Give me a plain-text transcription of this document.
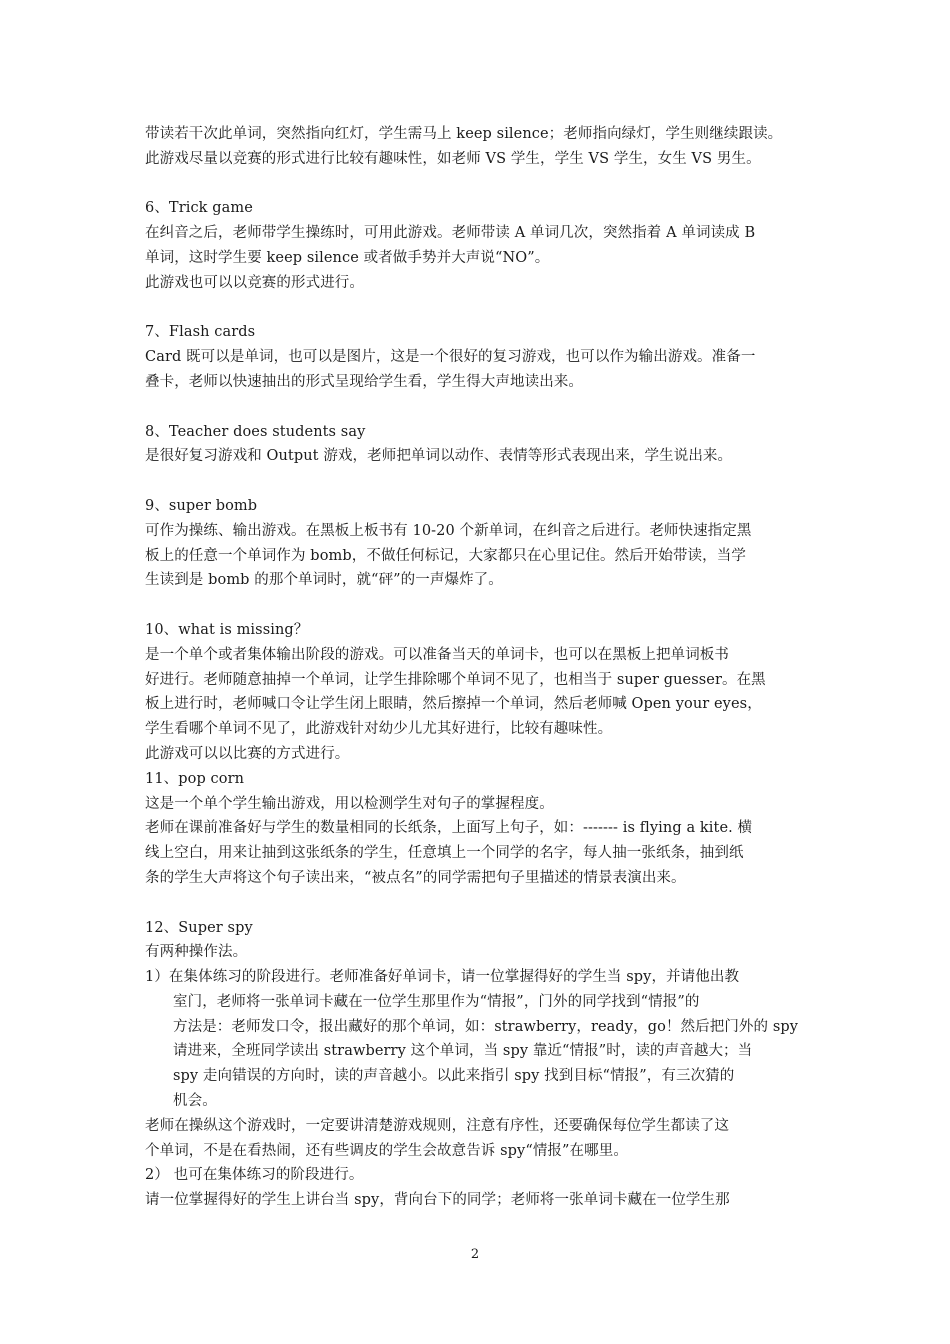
带读若干次此单词，突然指向红灯，学生需马上 keep silence；老师指向绿灯，学生则继续跟读。
此游戏尽量以竞赛的形式进行比较有趣味性，如老师 VS 学生，学生 VS 学生，女生 VS 男生。
6、Trick game
在纠音之后，老师带学生操练时，可用此游戏。老师带读 A 单词几次，突然指着 A 单词读成 B
单词，这时学生要 keep silence 或者做手势并大声说“NO”。
此游戏也可以以竞赛的形式进行。
7、Flash cards
Card 既可以是单词，也可以是图片，这是一个很好的复习游戏，也可以作为输出游戏。准备一
叠卡，老师以快速抽出的形式呈现给学生看，学生得大声地读出来。
8、Teacher does students say
是很好复习游戏和 Output 游戏，老师把单词以动作、表情等形式表现出来，学生说出来。
9、super bomb
可作为操练、输出游戏。在黑板上板书有 10-20 个新单词，在纠音之后进行。老师快速指定黑
板上的任意一个单词作为 bomb，不做任何标记，大家都只在心里记住。然后开始带读，当学
生读到是 bomb 的那个单词时，就“砰”的一声爆炸了。
10、what is missing？
是一个单个或者集体输出阶段的游戏。可以准备当天的单词卡，也可以在黑板上把单词板书
好进行。老师随意抽掉一个单词，让学生排除哪个单词不见了，也相当于 super guesser。在黑
板上进行时，老师喊口令让学生闭上眼睛，然后擦掉一个单词，然后老师喊 Open your eyes，
学生看哪个单词不见了，此游戏针对幼少儿尤其好进行，比较有趣味性。
此游戏可以以比赛的方式进行。
11、pop corn
这是一个单个学生输出游戏，用以检测学生对句子的掌握程度。
老师在课前准备好与学生的数量相同的长纸条，上面写上句子，如：------- is flying a kite. 横
线上空白，用来让抽到这张纸条的学生，任意填上一个同学的名字，每人抽一张纸条，抽到纸
条的学生大声将这个句子读出来，“被点名”的同学需把句子里描述的情景表演出来。
12、Super spy
有两种操作法。
1）在集体练习的阶段进行。老师准备好单词卡，请一位掌握得好的学生当 spy，并请他出教
室门，老师将一张单词卡藏在一位学生那里作为“情报”，门外的同学找到“情报”的
方法是：老师发口令，报出藏好的那个单词，如：strawberry，ready，go！然后把门外的 spy
请进来，全班同学读出 strawberry 这个单词，当 spy 靠近“情报”时，读的声音越大；当
spy 走向错误的方向时，读的声音越小。以此来指引 spy 找到目标“情报”，有三次猜的
机会。
老师在操纵这个游戏时，一定要讲清楚游戏规则，注意有序性，还要确保每位学生都读了这
个单词，不是在看热闹，还有些调皮的学生会故意告诉 spy“情报”在哪里。
2） 也可在集体练习的阶段进行。
请一位掌握得好的学生上讲台当 spy，背向台下的同学；老师将一张单词卡藏在一位学生那
2
